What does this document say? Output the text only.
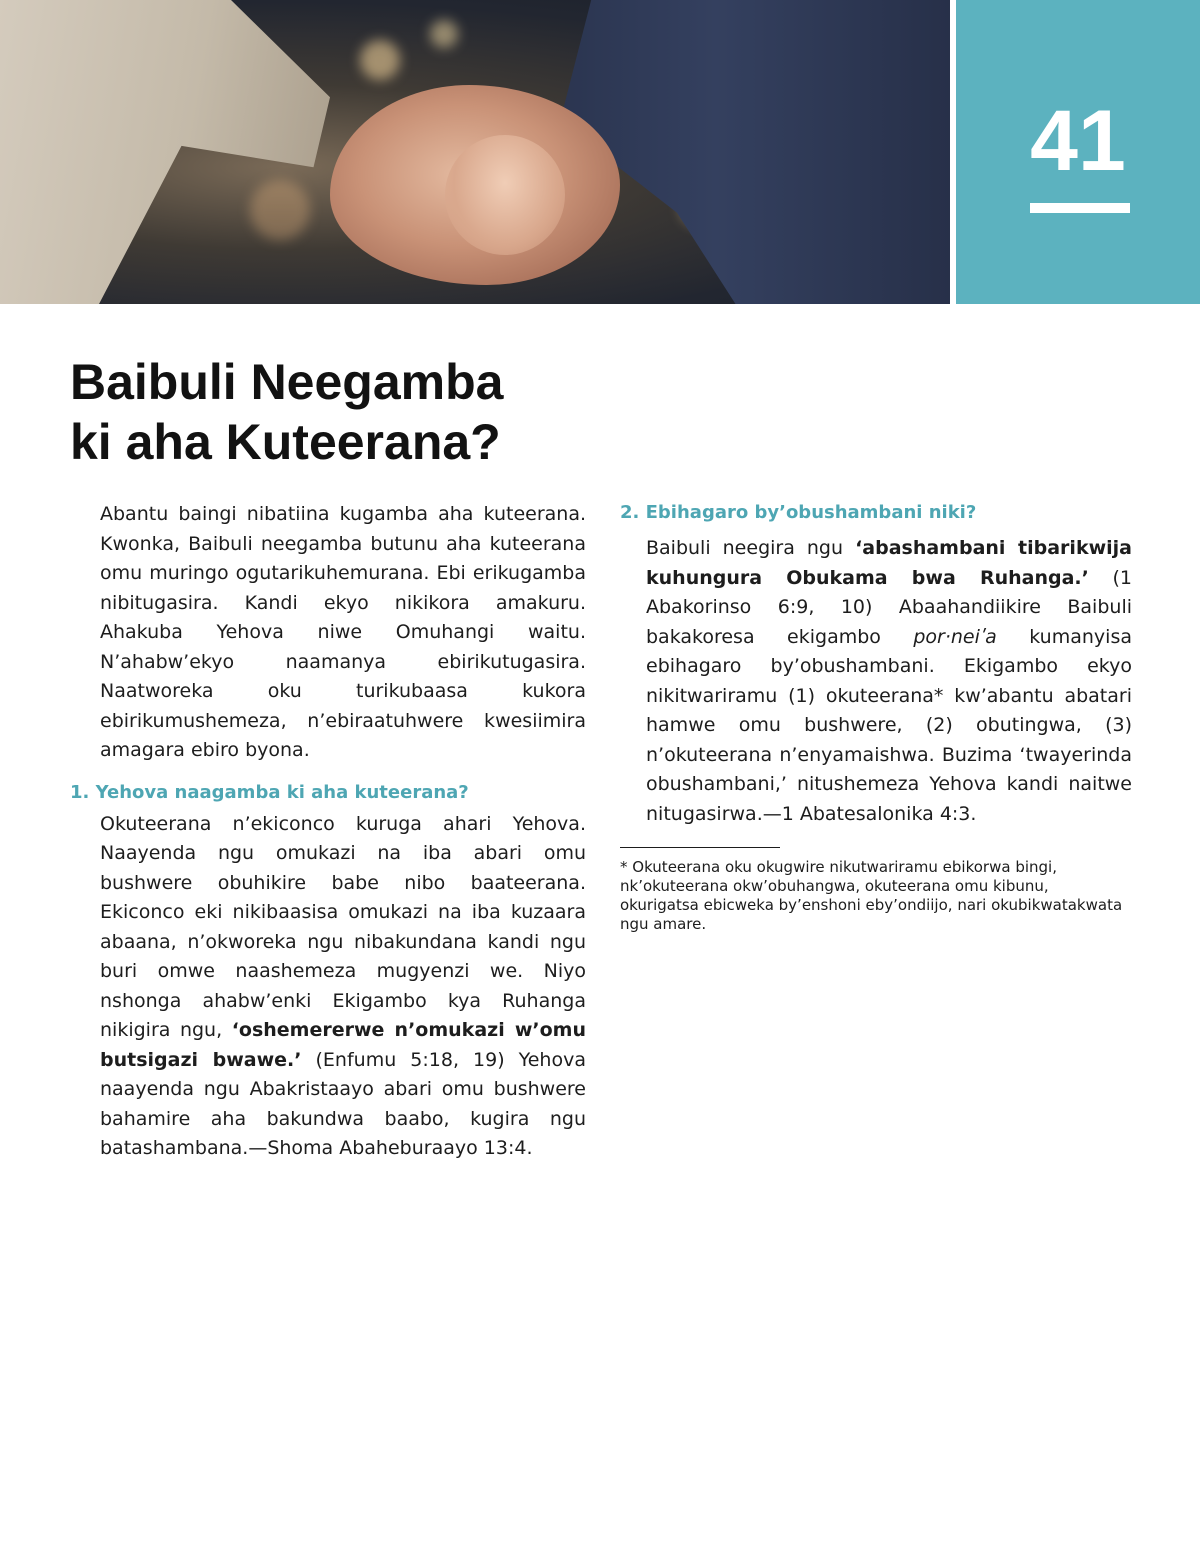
41
Baibuli Neegamba
ki aha Kuteerana?

Abantu baingi nibatiina kugamba aha kuteerana. Kwonka, Baibuli neegamba butunu aha kuteerana omu muringo ogutarikuhemurana. Ebi erikugamba nibitugasira. Kandi ekyo nikikora amakuru. Ahakuba Yehova niwe Omuhangi waitu. N’ahabw’ekyo naamanya ebirikutugasira. Naatworeka oku turikubaasa kukora ebirikumushemeza, n’ebiraatuhwere kwesiimira amagara ebiro byona.

1. Yehova naagamba ki aha kuteerana?

Okuteerana n’ekiconco kuruga ahari Yehova. Naayenda ngu omukazi na iba abari omu bushwere obuhikire babe nibo baateerana. Ekiconco eki nikibaasisa omukazi na iba kuzaara abaana, n’okworeka ngu nibakundana kandi ngu buri omwe naashemeza mugyenzi we. Niyo nshonga ahabw’enki Ekigambo kya Ruhanga nikigira ngu, ‘oshemererwe n’omukazi w’omu butsigazi bwawe.’ (Enfumu 5:18, 19) Yehova naayenda ngu Abakristaayo abari omu bushwere bahamire aha bakundwa baabo, kugira ngu batashambana.—Shoma Abaheburaayo 13:4.

2. Ebihagaro by’obushambani niki?

Baibuli neegira ngu ‘abashambani tibarikwija kuhungura Obukama bwa Ruhanga.’ (1 Abakorinso 6:9, 10) Abaahandiikire Baibuli bakakoresa ekigambo por·neiʹa kumanyisa ebihagaro by’obushambani. Ekigambo ekyo nikitwariramu (1) okuteerana* kw’abantu abatari hamwe omu bushwere, (2) obutingwa, (3) n’okuteerana n’enyamaishwa. Buzima ‘twayerinda obushambani,’ nitushemeza Yehova kandi naitwe nitugasirwa.—1 Abatesalonika 4:3.

* Okuteerana oku okugwire nikutwariramu ebikorwa bingi, nk’okuteerana okw’obuhangwa, okuteerana omu kibunu, okurigatsa ebicweka by’enshoni eby’ondiijo, nari okubikwatakwata ngu amare.
